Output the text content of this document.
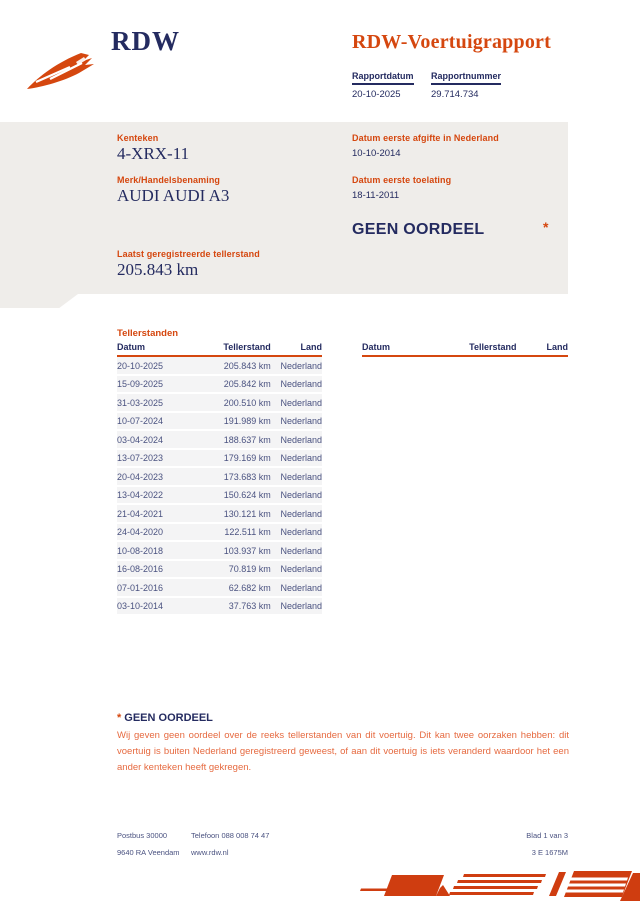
RDW	RDW-Voertuigrapport
Rapportdatum
20-10-2025
Rapportnummer
29.714.734
Kenteken
4-XRX-11
Merk/Handelsbenaming
AUDI AUDI A3
Laatst geregistreerde tellerstand
205.843 km
Datum eerste afgifte in Nederland
10-10-2014
Datum eerste toelating
18-11-2011
GEEN OORDEEL	*
Tellerstanden
Datum	Tellerstand	Land
20-10-2025	205.843 km	Nederland
15-09-2025	205.842 km	Nederland
31-03-2025	200.510 km	Nederland
10-07-2024	191.989 km	Nederland
03-04-2024	188.637 km	Nederland
13-07-2023	179.169 km	Nederland
20-04-2023	173.683 km	Nederland
13-04-2022	150.624 km	Nederland
21-04-2021	130.121 km	Nederland
24-04-2020	122.511 km	Nederland
10-08-2018	103.937 km	Nederland
16-08-2016	70.819 km	Nederland
07-01-2016	62.682 km	Nederland
03-10-2014	37.763 km	Nederland
Datum	Tellerstand	Land
* GEEN OORDEEL
Wij geven geen oordeel over de reeks tellerstanden van dit voertuig. Dit kan twee oorzaken hebben: dit voertuig is buiten Nederland geregistreerd geweest, of aan dit voertuig is iets veranderd waardoor het een ander kenteken heeft gekregen.
Postbus 30000
9640 RA Veendam
Telefoon 088 008 74 47
www.rdw.nl
Blad 1 van 3
3 E 1675M
